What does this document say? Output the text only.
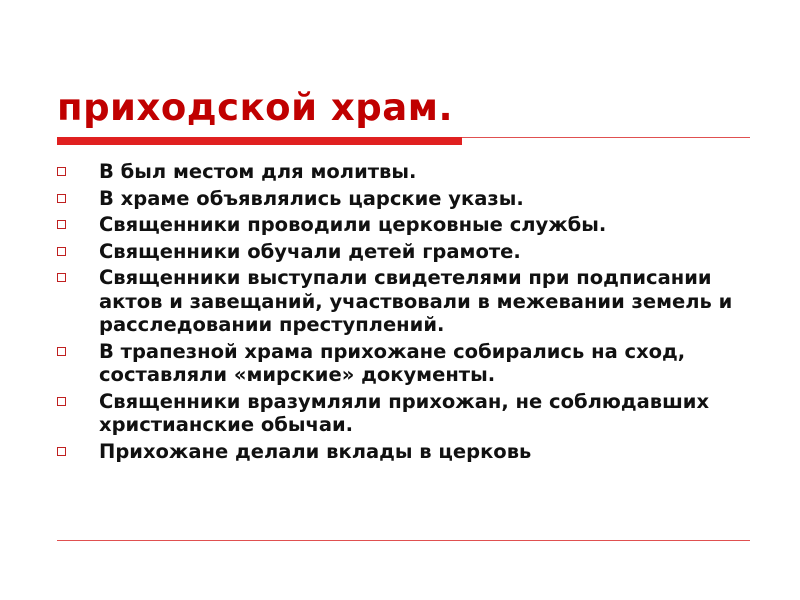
приходской храм.
В был местом для молитвы.
В храме объявлялись царские указы.
Священники проводили церковные службы.
Священники обучали детей грамоте.
Священники выступали свидетелями при подписании актов и завещаний, участвовали в межевании земель и расследовании преступлений.
В трапезной храма прихожане собирались на сход, составляли «мирские» документы.
Священники вразумляли прихожан, не соблюдавших христианские обычаи.
Прихожане делали вклады в церковь
